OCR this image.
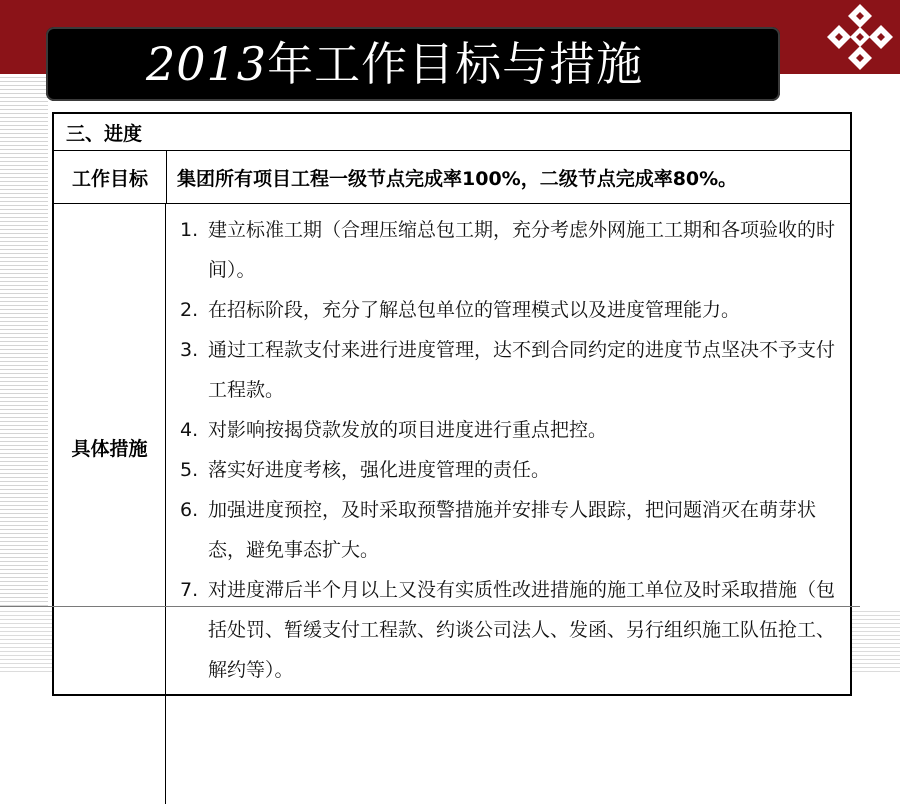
2013年工作目标与措施
三、进度
工作目标	集团所有项目工程一级节点完成率100%，二级节点完成率80%。
具体措施
1. 建立标准工期（合理压缩总包工期，充分考虑外网施工工期和各项验收的时间）。
2. 在招标阶段，充分了解总包单位的管理模式以及进度管理能力。
3. 通过工程款支付来进行进度管理，达不到合同约定的进度节点坚决不予支付工程款。
4. 对影响按揭贷款发放的项目进度进行重点把控。
5. 落实好进度考核，强化进度管理的责任。
6. 加强进度预控，及时采取预警措施并安排专人跟踪，把问题消灭在萌芽状态，避免事态扩大。
7. 对进度滞后半个月以上又没有实质性改进措施的施工单位及时采取措施（包括处罚、暂缓支付工程款、约谈公司法人、发函、另行组织施工队伍抢工、解约等）。
